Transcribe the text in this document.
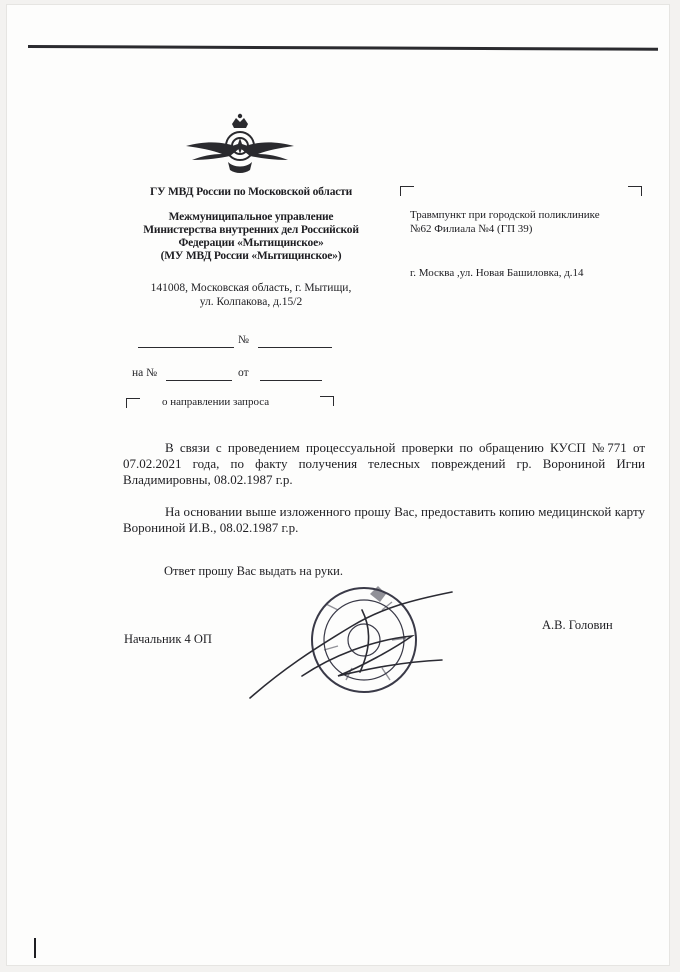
ГУ МВД России по Московской области
Межмуниципальное управление
Министерства внутренних дел Российской
Федерации «Мытищинское»
(МУ МВД России «Мытищинское»)
141008, Московская область, г. Мытищи,
ул. Колпакова, д.15/2
№
на №	от
о направлении запроса
Травмпункт при городской поликлинике
№62 Филиала №4 (ГП 39)
г. Москва ,ул. Новая Башиловка, д.14
В связи с проведением процессуальной проверки по обращению КУСП №771 от 07.02.2021 года, по факту получения телесных повреждений гр. Ворониной Игни Владимировны, 08.02.1987 г.р.
На основании выше изложенного прошу Вас, предоставить копию медицинской карту Ворониной И.В., 08.02.1987 г.р.
Ответ прошу Вас выдать на руки.
Начальник 4 ОП
А.В. Головин
